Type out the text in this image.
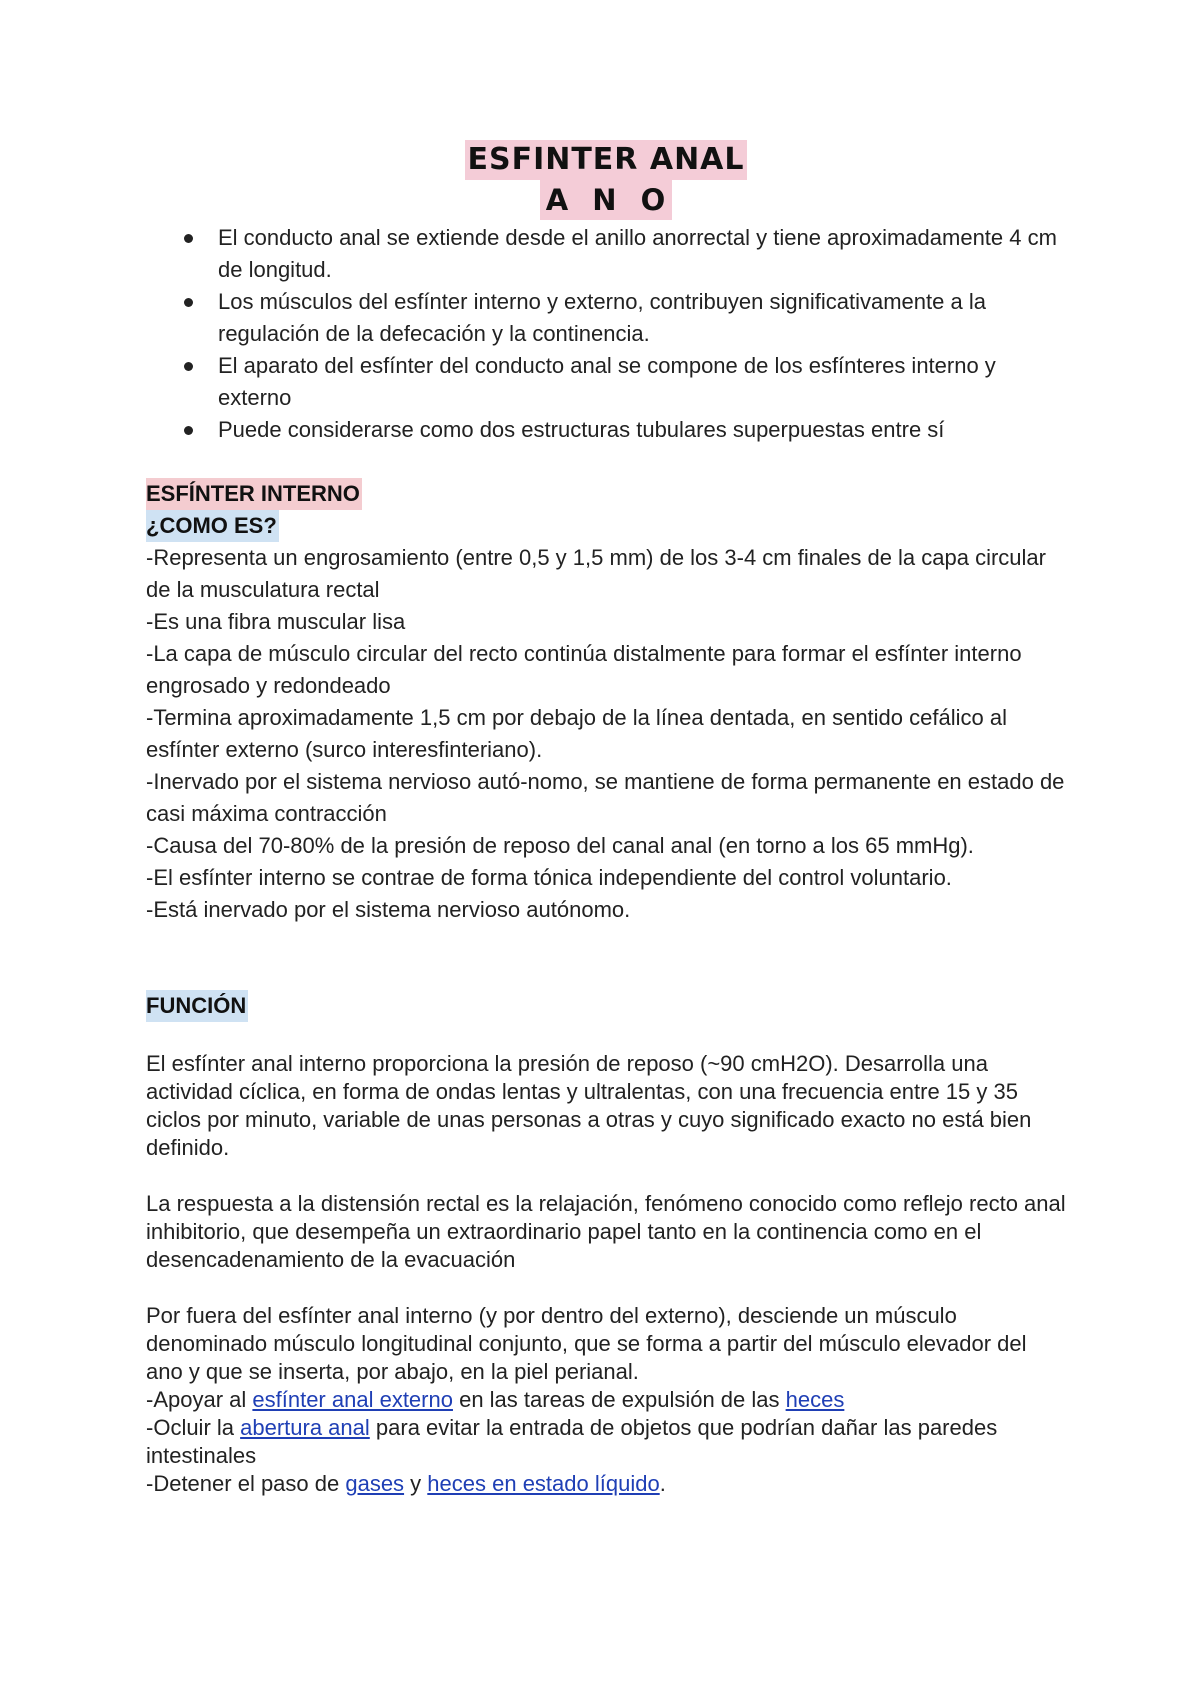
ESFINTER ANAL
A N O
El conducto anal se extiende desde el anillo anorrectal y tiene aproximadamente 4 cm de longitud.
Los músculos del esfínter interno y externo, contribuyen significativamente a la regulación de la defecación y la continencia.
El aparato del esfínter del conducto anal se compone de los esfínteres interno y externo
Puede considerarse como dos estructuras tubulares superpuestas entre sí
ESFÍNTER INTERNO
¿COMO ES?
-Representa un engrosamiento (entre 0,5 y 1,5 mm) de los 3-4 cm finales de la capa circular de la musculatura rectal
-Es una fibra muscular lisa
-La capa de músculo circular del recto continúa distalmente para formar el esfínter interno engrosado y redondeado
-Termina aproximadamente 1,5 cm por debajo de la línea dentada, en sentido cefálico al esfínter externo (surco interesfinteriano).
-Inervado por el sistema nervioso autó-nomo, se mantiene de forma permanente en estado de casi máxima contracción
-Causa del 70-80% de la presión de reposo del canal anal (en torno a los 65 mmHg).
-El esfínter interno se contrae de forma tónica independiente del control voluntario.
-Está inervado por el sistema nervioso autónomo.
FUNCIÓN
El esfínter anal interno proporciona la presión de reposo (~90 cmH2O). Desarrolla una actividad cíclica, en forma de ondas lentas y ultralentas, con una frecuencia entre 15 y 35 ciclos por minuto, variable de unas personas a otras y cuyo significado exacto no está bien definido.
La respuesta a la distensión rectal es la relajación, fenómeno conocido como reflejo recto anal inhibitorio, que desempeña un extraordinario papel tanto en la continencia como en el desencadenamiento de la evacuación
Por fuera del esfínter anal interno (y por dentro del externo), desciende un músculo denominado músculo longitudinal conjunto, que se forma a partir del músculo elevador del ano y que se inserta, por abajo, en la piel perianal.
-Apoyar al esfínter anal externo en las tareas de expulsión de las heces
-Ocluir la abertura anal para evitar la entrada de objetos que podrían dañar las paredes intestinales
-Detener el paso de gases y heces en estado líquido.
